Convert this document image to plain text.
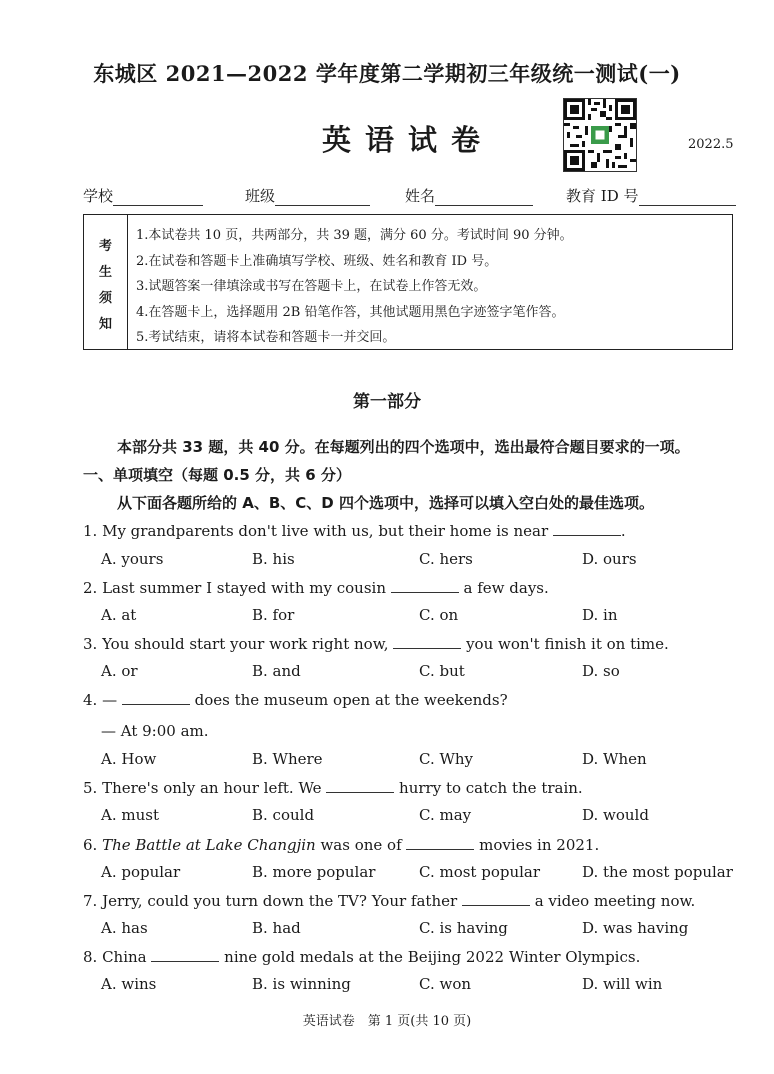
东城区 2021—2022 学年度第二学期初三年级统一测试(一)
英语试卷	2022.5
学校	班级	姓名	教育 ID 号
考
生
须
知
1.本试卷共 10 页，共两部分，共 39 题，满分 60 分。考试时间 90 分钟。
2.在试卷和答题卡上准确填写学校、班级、姓名和教育 ID 号。
3.试题答案一律填涂或书写在答题卡上，在试卷上作答无效。
4.在答题卡上，选择题用 2B 铅笔作答，其他试题用黑色字迹签字笔作答。
5.考试结束，请将本试卷和答题卡一并交回。
第一部分
本部分共 33 题，共 40 分。在每题列出的四个选项中，选出最符合题目要求的一项。
一、单项填空（每题 0.5 分，共 6 分）
从下面各题所给的 A、B、C、D 四个选项中，选择可以填入空白处的最佳选项。
1. My grandparents don't live with us, but their home is near	.
A. yours	B. his	C. hers	D. ours
2. Last summer I stayed with my cousin	a few days.
A. at	B. for	C. on	D. in
3. You should start your work right now,	you won't finish it on time.
A. or	B. and	C. but	D. so
4. —	does the museum open at the weekends?
— At 9:00 am.
A. How	B. Where	C. Why	D. When
5. There's only an hour left. We	hurry to catch the train.
A. must	B. could	C. may	D. would
6. The Battle at Lake Changjin was one of	movies in 2021.
A. popular	B. more popular	C. most popular	D. the most popular
7. Jerry, could you turn down the TV? Your father	a video meeting now.
A. has	B. had	C. is having	D. was having
8. China	nine gold medals at the Beijing 2022 Winter Olympics.
A. wins	B. is winning	C. won	D. will win
英语试卷　第 1 页(共 10 页)
